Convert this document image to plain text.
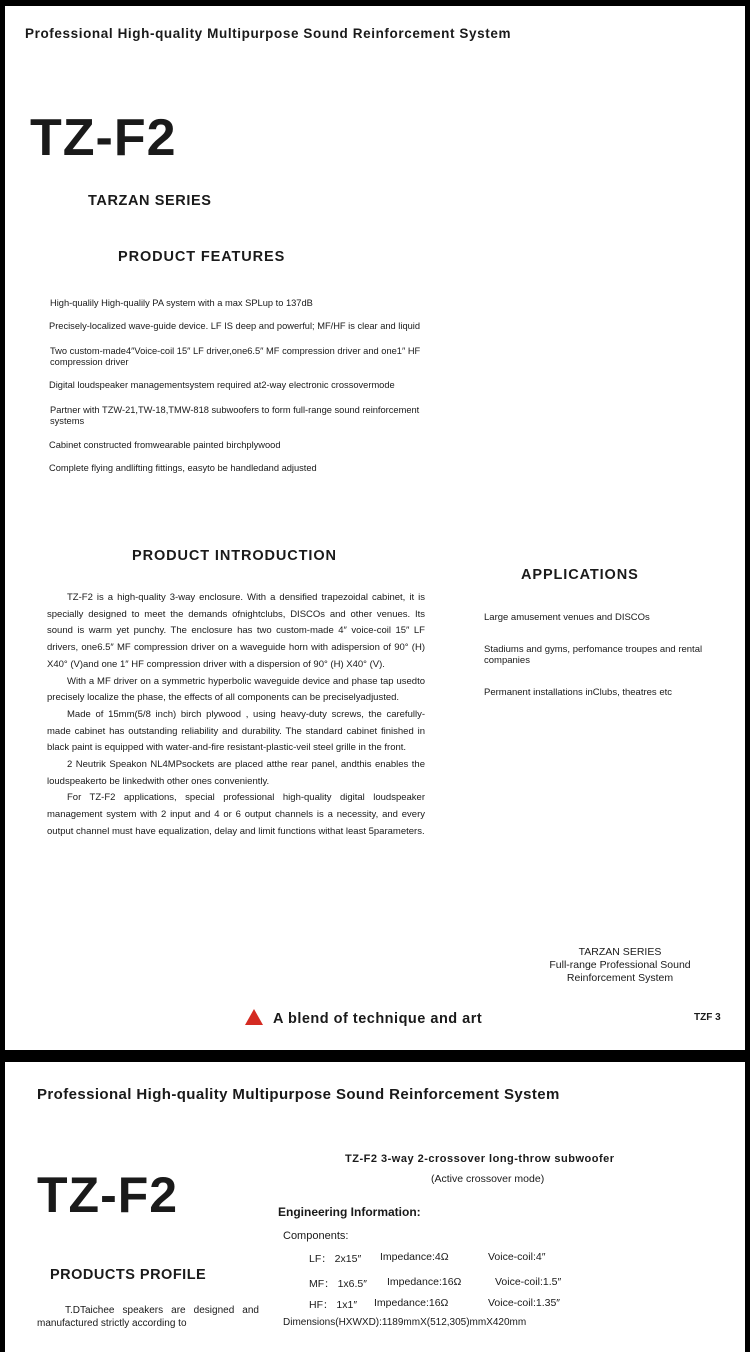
Professional High-quality Multipurpose Sound Reinforcement System
TZ-F2
TARZAN SERIES
PRODUCT FEATURES
High-qualily High-qualily PA system with a max SPLup to 137dB
Precisely-localized wave-guide device. LF IS deep and powerful; MF/HF is clear and liquid
Two custom-made4″Voice-coil 15″ LF driver,one6.5″ MF compression driver and one1″ HF compression driver
Digital loudspeaker managementsystem required at2-way electronic crossovermode
Partner with TZW-21,TW-18,TMW-818 subwoofers to form full-range sound reinforcement systems
Cabinet constructed fromwearable painted birchplywood
Complete flying andlifting fittings, easyto be handledand adjusted
PRODUCT INTRODUCTION

TZ-F2 is a high-quality 3-way enclosure. With a densified trapezoidal cabinet, it is specially designed to meet the demands ofnightclubs, DISCOs and other venues. Its sound is warm yet punchy. The enclosure has two custom-made 4″ voice-coil 15″ LF drivers, one6.5″ MF compression driver on a waveguide horn with adispersion of 90° (H) X40° (V)and one 1″ HF compression driver with a dispersion of 90° (H) X40° (V).

With a MF driver on a symmetric hyperbolic waveguide device and phase tap usedto precisely localize the phase, the effects of all components can be preciselyadjusted.

Made of 15mm(5/8 inch) birch plywood , using heavy-duty screws, the carefully-made cabinet has outstanding reliability and durability. The standard cabinet finished in black paint is equipped with water-and-fire resistant-plastic-veil steel grille in the front.

2 Neutrik Speakon NL4MPsockets are placed atthe rear panel, andthis enables the loudspeakerto be linkedwith other ones conveniently.

For TZ-F2 applications, special professional high-quality digital loudspeaker management system with 2 input and 4 or 6 output channels is a necessity, and every output channel must have equalization, delay and limit functions withat least 5parameters.

APPLICATIONS
Large amusement venues and DISCOs
Stadiums and gyms, perfomance troupes and rental companies
Permanent installations inClubs, theatres etc
TARZAN SERIES
Full-range Professional Sound
Reinforcement System
A blend of technique and art	TZF 3
Professional High-quality Multipurpose Sound Reinforcement System
TZ-F2
TZ-F2 3-way 2-crossover long-throw subwoofer
(Active crossover mode)
Engineering Information:
Components:
LF： 2x15″ Impedance:4Ω	Voice-coil:4″
MF： 1x6.5″ Impedance:16Ω	Voice-coil:1.5″
HF： 1x1″ Impedance:16Ω	Voice-coil:1.35″
PRODUCTS PROFILE
T.DTaichee speakers are designed and manufactured strictly according to	Dimensions(HXWXD):1189mmX(512,305)mmX420mm
